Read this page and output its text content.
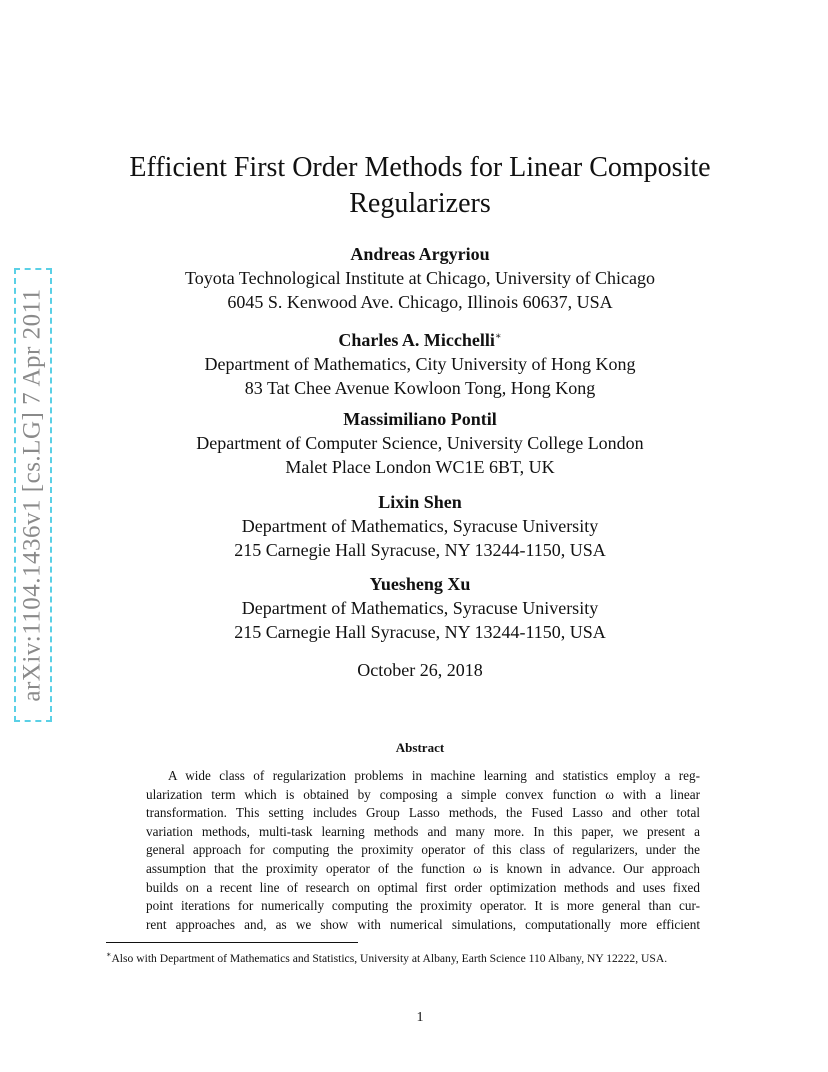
arXiv:1104.1436v1 [cs.LG] 7 Apr 2011
Efficient First Order Methods for Linear Composite
Regularizers
Andreas Argyriou
Toyota Technological Institute at Chicago, University of Chicago
6045 S. Kenwood Ave. Chicago, Illinois 60637, USA
Charles A. Micchelli∗
Department of Mathematics, City University of Hong Kong
83 Tat Chee Avenue Kowloon Tong, Hong Kong
Massimiliano Pontil
Department of Computer Science, University College London
Malet Place London WC1E 6BT, UK
Lixin Shen
Department of Mathematics, Syracuse University
215 Carnegie Hall Syracuse, NY 13244-1150, USA
Yuesheng Xu
Department of Mathematics, Syracuse University
215 Carnegie Hall Syracuse, NY 13244-1150, USA
October 26, 2018
Abstract
A wide class of regularization problems in machine learning and statistics employ a reg-
ularization term which is obtained by composing a simple convex function ω with a linear
transformation. This setting includes Group Lasso methods, the Fused Lasso and other total
variation methods, multi-task learning methods and many more. In this paper, we present a
general approach for computing the proximity operator of this class of regularizers, under the
assumption that the proximity operator of the function ω is known in advance. Our approach
builds on a recent line of research on optimal first order optimization methods and uses fixed
point iterations for numerically computing the proximity operator. It is more general than cur-
rent approaches and, as we show with numerical simulations, computationally more efficient
∗Also with Department of Mathematics and Statistics, University at Albany, Earth Science 110 Albany, NY 12222, USA.
1
